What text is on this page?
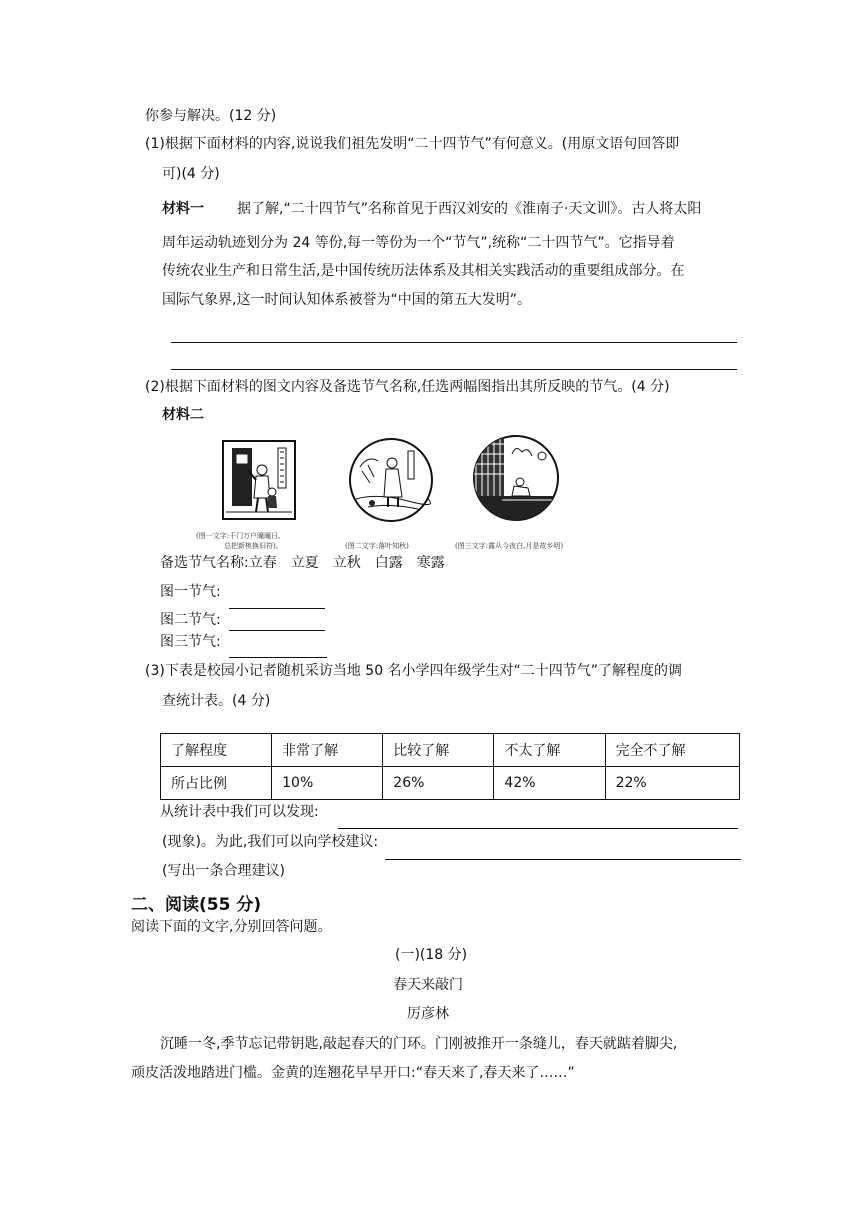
你参与解决。(12 分)
(1)根据下面材料的内容,说说我们祖先发明“二十四节气”有何意义。(用原文语句回答即
可)(4 分)
材料一 据了解,“二十四节气”名称首见于西汉刘安的《淮南子·天文训》。古人将太阳
周年运动轨迹划分为 24 等份,每一等份为一个“节气”,统称“二十四节气”。它指导着
传统农业生产和日常生活,是中国传统历法体系及其相关实践活动的重要组成部分。在
国际气象界,这一时间认知体系被誉为“中国的第五大发明”。
(2)根据下面材料的图文内容及备选节气名称,任选两幅图指出其所反映的节气。(4 分)
材料二
(图一文字:千门万户曈曈日,
总把新桃换旧符)。	(图二文字:落叶知秋)	(图三文字:露从今夜白,月是故乡明)
备选节气名称:立春　立夏　立秋　白露　寒露
图一节气:
图二节气:
图三节气:
(3)下表是校园小记者随机采访当地 50 名小学四年级学生对“二十四节气”了解程度的调
查统计表。(4 分)
了解程度	非常了解	比较了解	不太了解	完全不了解
所占比例	10%	26%	42%	22%
从统计表中我们可以发现:
(现象)。为此,我们可以向学校建议:
(写出一条合理建议)
二、阅读(55 分)
阅读下面的文字,分别回答问题。
(一)(18 分)
春天来敲门
厉彦林
沉睡一冬,季节忘记带钥匙,敲起春天的门环。门刚被推开一条缝儿，春天就踮着脚尖,
顽皮活泼地踏进门槛。金黄的连翘花早早开口:“春天来了,春天来了……”
